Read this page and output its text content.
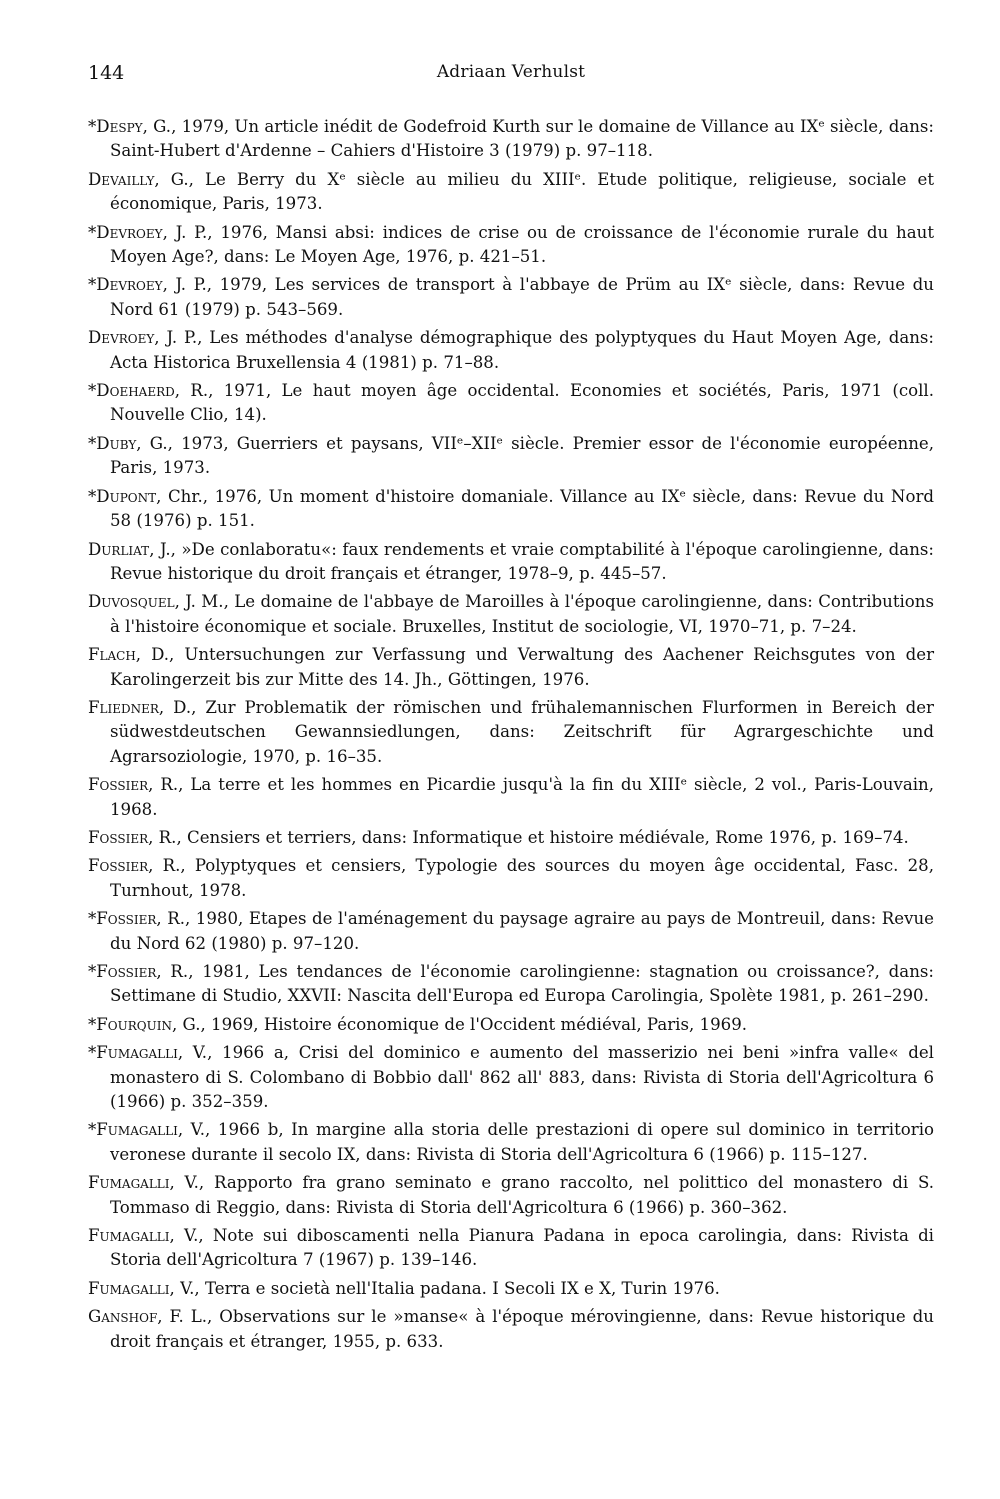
144	Adriaan Verhulst
*Despy, G., 1979, Un article inédit de Godefroid Kurth sur le domaine de Villance au IXᵉ siècle, dans: Saint-Hubert d'Ardenne – Cahiers d'Histoire 3 (1979) p. 97–118.
Devailly, G., Le Berry du Xᵉ siècle au milieu du XIIIᵉ. Etude politique, religieuse, sociale et économique, Paris, 1973.
*Devroey, J. P., 1976, Mansi absi: indices de crise ou de croissance de l'économie rurale du haut Moyen Age?, dans: Le Moyen Age, 1976, p. 421–51.
*Devroey, J. P., 1979, Les services de transport à l'abbaye de Prüm au IXᵉ siècle, dans: Revue du Nord 61 (1979) p. 543–569.
Devroey, J. P., Les méthodes d'analyse démographique des polyptyques du Haut Moyen Age, dans: Acta Historica Bruxellensia 4 (1981) p. 71–88.
*Doehaerd, R., 1971, Le haut moyen âge occidental. Economies et sociétés, Paris, 1971 (coll. Nouvelle Clio, 14).
*Duby, G., 1973, Guerriers et paysans, VIIᵉ–XIIᵉ siècle. Premier essor de l'économie européenne, Paris, 1973.
*Dupont, Chr., 1976, Un moment d'histoire domaniale. Villance au IXᵉ siècle, dans: Revue du Nord 58 (1976) p. 151.
Durliat, J., »De conlaboratu«: faux rendements et vraie comptabilité à l'époque carolingienne, dans: Revue historique du droit français et étranger, 1978–9, p. 445–57.
Duvosquel, J. M., Le domaine de l'abbaye de Maroilles à l'époque carolingienne, dans: Contributions à l'histoire économique et sociale. Bruxelles, Institut de sociologie, VI, 1970–71, p. 7–24.
Flach, D., Untersuchungen zur Verfassung und Verwaltung des Aachener Reichsgutes von der Karolingerzeit bis zur Mitte des 14. Jh., Göttingen, 1976.
Fliedner, D., Zur Problematik der römischen und frühalemannischen Flurformen in Bereich der südwestdeutschen Gewannsiedlungen, dans: Zeitschrift für Agrargeschichte und Agrarsoziologie, 1970, p. 16–35.
Fossier, R., La terre et les hommes en Picardie jusqu'à la fin du XIIIᵉ siècle, 2 vol., Paris-Louvain, 1968.
Fossier, R., Censiers et terriers, dans: Informatique et histoire médiévale, Rome 1976, p. 169–74.
Fossier, R., Polyptyques et censiers, Typologie des sources du moyen âge occidental, Fasc. 28, Turnhout, 1978.
*Fossier, R., 1980, Etapes de l'aménagement du paysage agraire au pays de Montreuil, dans: Revue du Nord 62 (1980) p. 97–120.
*Fossier, R., 1981, Les tendances de l'économie carolingienne: stagnation ou croissance?, dans: Settimane di Studio, XXVII: Nascita dell'Europa ed Europa Carolingia, Spolète 1981, p. 261–290.
*Fourquin, G., 1969, Histoire économique de l'Occident médiéval, Paris, 1969.
*Fumagalli, V., 1966 a, Crisi del dominico e aumento del masserizio nei beni »infra valle« del monastero di S. Colombano di Bobbio dall' 862 all' 883, dans: Rivista di Storia dell'Agricoltura 6 (1966) p. 352–359.
*Fumagalli, V., 1966 b, In margine alla storia delle prestazioni di opere sul dominico in territorio veronese durante il secolo IX, dans: Rivista di Storia dell'Agricoltura 6 (1966) p. 115–127.
Fumagalli, V., Rapporto fra grano seminato e grano raccolto, nel polittico del monastero di S. Tommaso di Reggio, dans: Rivista di Storia dell'Agricoltura 6 (1966) p. 360–362.
Fumagalli, V., Note sui diboscamenti nella Pianura Padana in epoca carolingia, dans: Rivista di Storia dell'Agricoltura 7 (1967) p. 139–146.
Fumagalli, V., Terra e società nell'Italia padana. I Secoli IX e X, Turin 1976.
Ganshof, F. L., Observations sur le »manse« à l'époque mérovingienne, dans: Revue historique du droit français et étranger, 1955, p. 633.
